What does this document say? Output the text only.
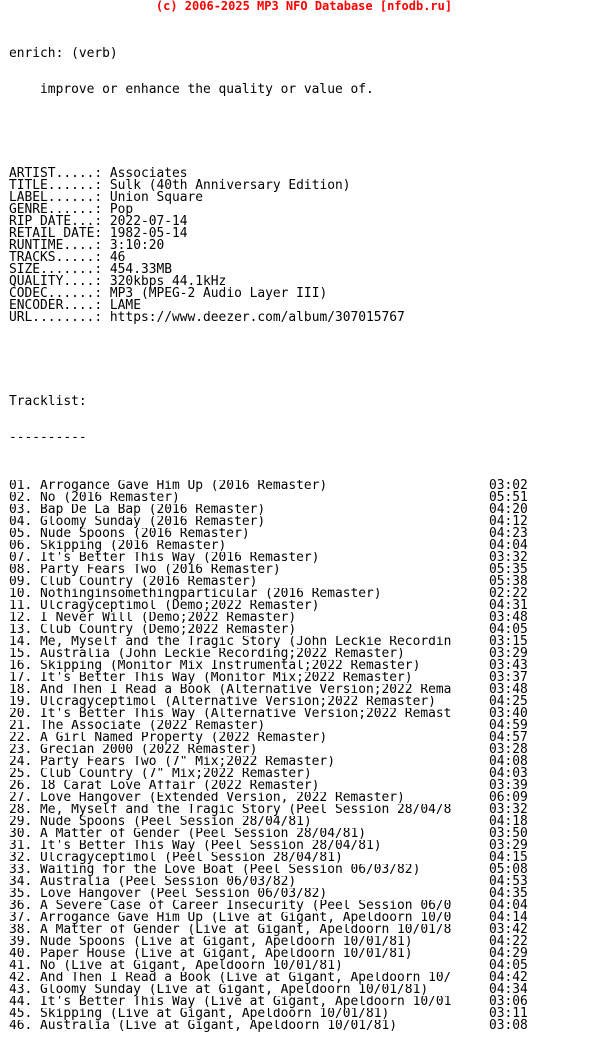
(c) 2006-2025 MP3 NFO Database [nfodb.ru]

enrich: (verb)

improve or enhance the quality or value of.

ARTIST.....: Associates
TITLE......: Sulk (40th Anniversary Edition)
LABEL......: Union Square
GENRE......: Pop
RIP DATE...: 2022-07-14
RETAIL DATE: 1982-05-14
RUNTIME....: 3:10:20
TRACKS.....: 46
SIZE.......: 454.33MB
QUALITY....: 320kbps 44.1kHz
CODEC......: MP3 (MPEG-2 Audio Layer III)
ENCODER....: LAME
URL........: https://www.deezer.com/album/307015767

Tracklist:

----------

01. Arrogance Gave Him Up (2016 Remaster)	03:02
02. No (2016 Remaster)	05:51
03. Bap De La Bap (2016 Remaster)	04:20
04. Gloomy Sunday (2016 Remaster)	04:12
05. Nude Spoons (2016 Remaster)	04:23
06. Skipping (2016 Remaster)	04:04
07. It's Better This Way (2016 Remaster)	03:32
08. Party Fears Two (2016 Remaster)	05:35
09. Club Country (2016 Remaster)	05:38
10. Nothinginsomethingparticular (2016 Remaster)	02:22
11. Ulcragyceptimol (Demo;2022 Remaster)	04:31
12. I Never Will (Demo;2022 Remaster)	03:48
13. Club Country (Demo;2022 Remaster)	04:05
14. Me, Myself and the Tragic Story (John Leckie Recordin	03:15
15. Australia (John Leckie Recording;2022 Remaster)	03:29
16. Skipping (Monitor Mix Instrumental;2022 Remaster)	03:43
17. It's Better This Way (Monitor Mix;2022 Remaster)	03:37
18. And Then I Read a Book (Alternative Version;2022 Rema	03:48
19. Ulcragyceptimol (Alternative Version;2022 Remaster)	04:25
20. It's Better This Way (Alternative Version;2022 Remast	03:40
21. The Associate (2022 Remaster)	04:59
22. A Girl Named Property (2022 Remaster)	04:57
23. Grecian 2000 (2022 Remaster)	03:28
24. Party Fears Two (7" Mix;2022 Remaster)	04:08
25. Club Country (7" Mix;2022 Remaster)	04:03
26. 18 Carat Love Affair (2022 Remaster)	03:39
27. Love Hangover (Extended Version, 2022 Remaster)	06:09
28. Me, Myself and the Tragic Story (Peel Session 28/04/8	03:32
29. Nude Spoons (Peel Session 28/04/81)	04:18
30. A Matter of Gender (Peel Session 28/04/81)	03:50
31. It's Better This Way (Peel Session 28/04/81)	03:29
32. Ulcragyceptimol (Peel Session 28/04/81)	04:15
33. Waiting for the Love Boat (Peel Session 06/03/82)	05:08
34. Australia (Peel Session 06/03/82)	04:53
35. Love Hangover (Peel Session 06/03/82)	04:35
36. A Severe Case of Career Insecurity (Peel Session 06/0	04:04
37. Arrogance Gave Him Up (Live at Gigant, Apeldoorn 10/0	04:14
38. A Matter of Gender (Live at Gigant, Apeldoorn 10/01/8	03:42
39. Nude Spoons (Live at Gigant, Apeldoorn 10/01/81)	04:22
40. Paper House (Live at Gigant, Apeldoorn 10/01/81)	04:29
41. No (Live at Gigant, Apeldoorn 10/01/81)	04:05
42. And Then I Read a Book (Live at Gigant, Apeldoorn 10/	04:42
43. Gloomy Sunday (Live at Gigant, Apeldoorn 10/01/81)	04:34
44. It's Better This Way (Live at Gigant, Apeldoorn 10/01	03:06
45. Skipping (Live at Gigant, Apeldoorn 10/01/81)	03:11
46. Australia (Live at Gigant, Apeldoorn 10/01/81)	03:08
